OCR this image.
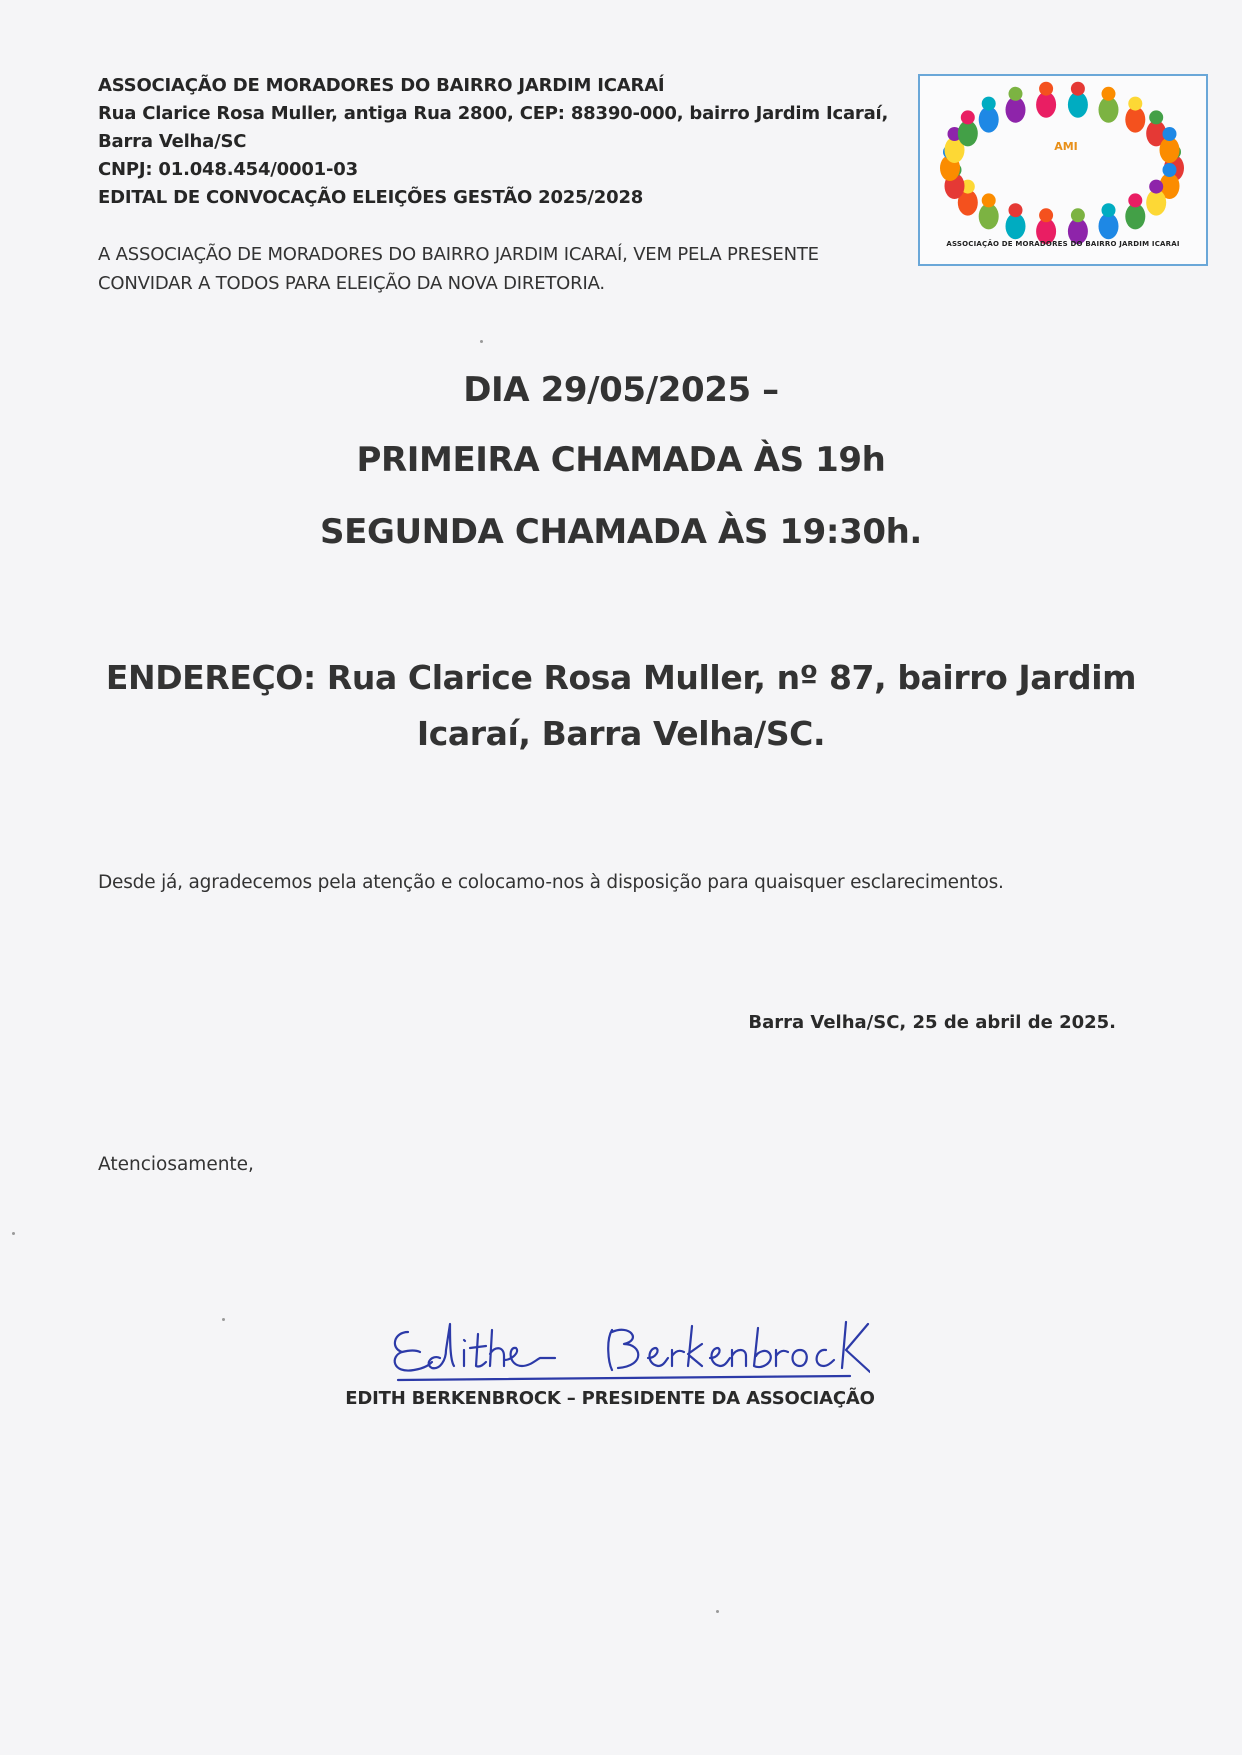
ASSOCIAÇÃO DE MORADORES DO BAIRRO JARDIM ICARAÍ
Rua Clarice Rosa Muller, antiga Rua 2800, CEP: 88390-000, bairro Jardim Icaraí,
Barra Velha/SC
CNPJ: 01.048.454/0001-03
EDITAL DE CONVOCAÇÃO ELEIÇÕES GESTÃO 2025/2028
A ASSOCIAÇÃO DE MORADORES DO BAIRRO JARDIM ICARAÍ, VEM PELA PRESENTE
CONVIDAR A TODOS PARA ELEIÇÃO DA NOVA DIRETORIA.
AMI
ASSOCIAÇÃO DE MORADORES DO BAIRRO JARDIM ICARAI
DIA 29/05/2025 –
PRIMEIRA CHAMADA ÀS 19h
SEGUNDA CHAMADA ÀS 19:30h.
ENDEREÇO: Rua Clarice Rosa Muller, nº 87, bairro Jardim
Icaraí, Barra Velha/SC.
Desde já, agradecemos pela atenção e colocamo-nos à disposição para quaisquer esclarecimentos.
Barra Velha/SC, 25 de abril de 2025.
Atenciosamente,
EDITH BERKENBROCK – PRESIDENTE DA ASSOCIAÇÃO
